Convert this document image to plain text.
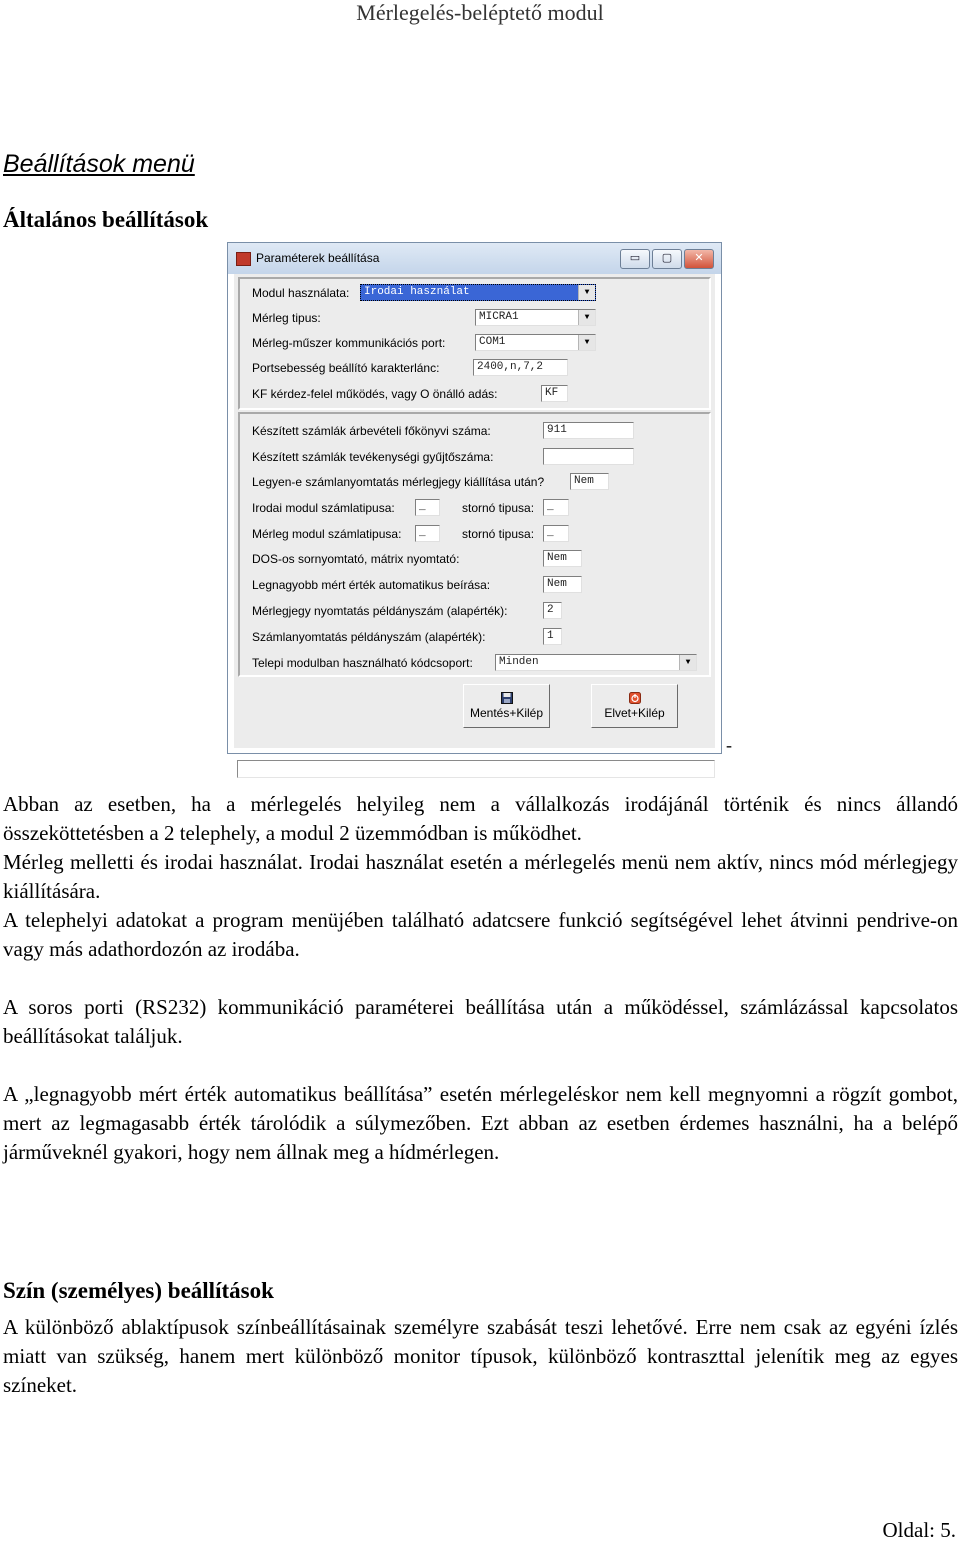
Mérlegelés-beléptető modul
Beállítások menü
Általános beállítások
Paraméterek beállítása	▭	▢	✕
Modul használata:	Irodai használat	▼
Mérleg tipus:	MICRA1	▼
Mérleg-műszer kommunikációs port:	COM1	▼
Portsebesség beállító karakterlánc:	2400,n,7,2
KF kérdez-felel működés, vagy O önálló adás:	KF
Készített számlák árbevételi főkönyvi száma:	911
Készített számlák tevékenységi gyűjtőszáma:
Legyen-e számlanyomtatás mérlegjegy kiállítása után?	Nem
Irodai modul számlatipusa:	_	stornó tipusa:	_
Mérleg modul számlatipusa:	_	stornó tipusa:	_
DOS-os sornyomtató, mátrix nyomtató:	Nem
Legnagyobb mért érték automatikus beírása:	Nem
Mérlegjegy nyomtatás példányszám (alapérték):	2
Számlanyomtatás példányszám (alapérték):	1
Telepi modulban használható kódcsoport:	Minden	▼
Mentés+Kilép	Elvet+Kilép
-

Abban az esetben, ha a mérlegelés helyileg nem a vállalkozás irodájánál történik és nincs állandó összeköttetésben a 2 telephely, a modul 2 üzemmódban is működhet.

Mérleg melletti és irodai használat. Irodai használat esetén a mérlegelés menü nem aktív, nincs mód mérlegjegy kiállítására.

A telephelyi adatokat a program menüjében található adatcsere funkció segítségével lehet átvinni pendrive-on vagy más adathordozón az irodába.

A soros porti (RS232) kommunikáció paraméterei beállítása után a működéssel, számlázással kapcsolatos beállításokat találjuk.

A „legnagyobb mért érték automatikus beállítása” esetén mérlegeléskor nem kell megnyomni a rögzít gombot, mert az legmagasabb érték tárolódik a súlymezőben. Ezt abban az esetben érdemes használni, ha a belépő járműveknél gyakori, hogy nem állnak meg a hídmérlegen.

Szín (személyes) beállítások

A különböző ablaktípusok színbeállításainak személyre szabását teszi lehetővé. Erre nem csak az egyéni ízlés miatt van szükség, hanem mert különböző monitor típusok, különböző kontraszttal jelenítik meg az egyes színeket.

Oldal: 5.
